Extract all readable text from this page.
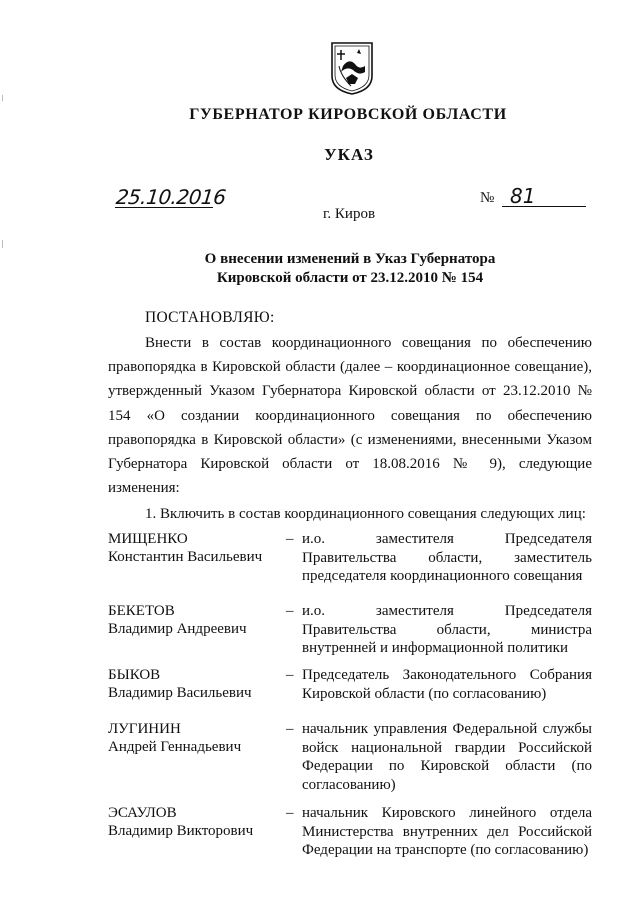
ГУБЕРНАТОР КИРОВСКОЙ ОБЛАСТИ
УКАЗ
25.10.2016	№ 81
г. Киров
О внесении изменений в Указ Губернатора
Кировской области от 23.12.2010 № 154
ПОСТАНОВЛЯЮ:

Внести в состав координационного совещания по обеспечению правопорядка в Кировской области (далее – координационное совещание), утвержденный Указом Губернатора Кировской области от 23.12.2010 № 154 «О создании координационного совещания по обеспечению правопорядка в Кировской области» (с изменениями, внесенными Указом Губернатора Кировской области от 18.08.2016 № 9), следующие изменения:

1. Включить в состав координационного совещания следующих лиц:

МИЩЕНКО
Константин Васильевич
– и.о. заместителя Председателя Правительства области, заместитель председателя координационного совещания
БЕКЕТОВ
Владимир Андреевич
– и.о. заместителя Председателя Правительства области, министра внутренней и информационной политики
БЫКОВ
Владимир Васильевич
– Председатель Законодательного Собрания Кировской области (по согласованию)
ЛУГИНИН
Андрей Геннадьевич
– начальник управления Федеральной службы войск национальной гвардии Российской Федерации по Кировской области (по согласованию)
ЭСАУЛОВ
Владимир Викторович
– начальник Кировского линейного отдела Министерства внутренних дел Российской Федерации на транспорте (по согласованию)
